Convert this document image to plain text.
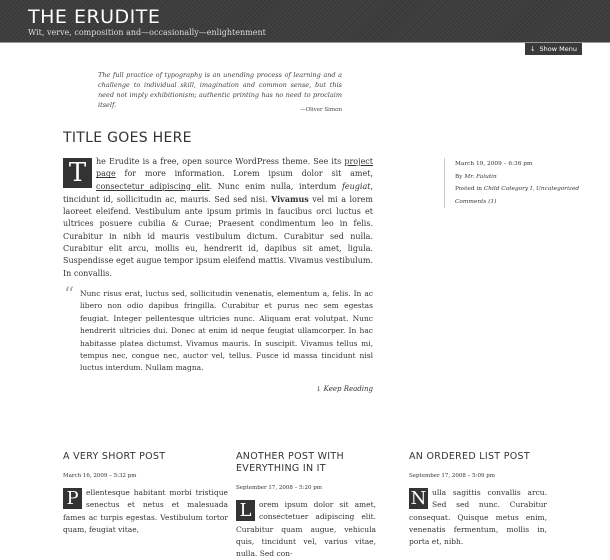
THE ERUDITE
Wit, verve, composition and—occasionally—enlightenment
↓ Show Menu
The full practice of typography is an unending process of learning and a challenge to individual skill, imagination and common sense, but this need not imply exhibitionism; authentic printing has no need to proclaim itself.
—Oliver Simon
TITLE GOES HERE
T	he Erudite is a free, open source WordPress theme. See its project page for more information. Lorem ipsum dolor sit amet, consectetur adipiscing elit. Nunc enim nulla, interdum feugiat, tincidunt id, sollicitudin ac, mauris. Sed sed nisi. Vivamus vel mi a lorem laoreet eleifend. Vestibulum ante ipsum primis in faucibus orci luctus et ultrices posuere cubilia & Curae; Praesent condimentum leo in felis. Curabitur in nibh id mauris vestibulum dictum. Curabitur sed nulla. Curabitur elit arcu, mollis eu, hendrerit id, dapibus sit amet, ligula. Suspendisse eget augue tempor ipsum eleifend mattis. Vivamus vestibulum. In convallis.
“ Nunc risus erat, luctus sed, sollicitudin venenatis, elementum a, felis. In ac libero non odio dapibus fringilla. Curabitur et purus nec sem egestas feugiat. Integer pellentesque ultricies nunc. Aliquam erat volutpat. Nunc hendrerit ultricies dui. Donec at enim id neque feugiat ullamcorper. In hac habitasse platea dictumst. Vivamus mauris. In suscipit. Vivamus tellus mi, tempus nec, congue nec, auctor vel, tellus. Fusce id massa tincidunt nisl luctus interdum. Nullam magna.
↓ Keep Reading
March 19, 2009 – 6:36 pm
By Mr. Falutin
Posted in Child Category I, Uncategorized
Comments (1)
A VERY SHORT POST
March 16, 2009 – 5:32 pm
P ellentesque habitant morbi tristique senectus et netus et malesuada fames ac turpis egestas. Vestibulum tortor quam, feugiat vitae,
ANOTHER POST WITH EVERYTHING IN IT
September 17, 2008 – 5:20 pm
L	orem ipsum dolor sit amet, consectetuer adipiscing elit. Curabitur quam augue, vehicula quis, tincidunt vel, varius vitae, nulla. Sed con-
AN ORDERED LIST POST
September 17, 2008 – 5:09 pm
N ulla sagittis convallis arcu. Sed sed nunc. Curabitur consequat. Quisque metus enim, venenatis fermentum, mollis in, porta et, nibh.
